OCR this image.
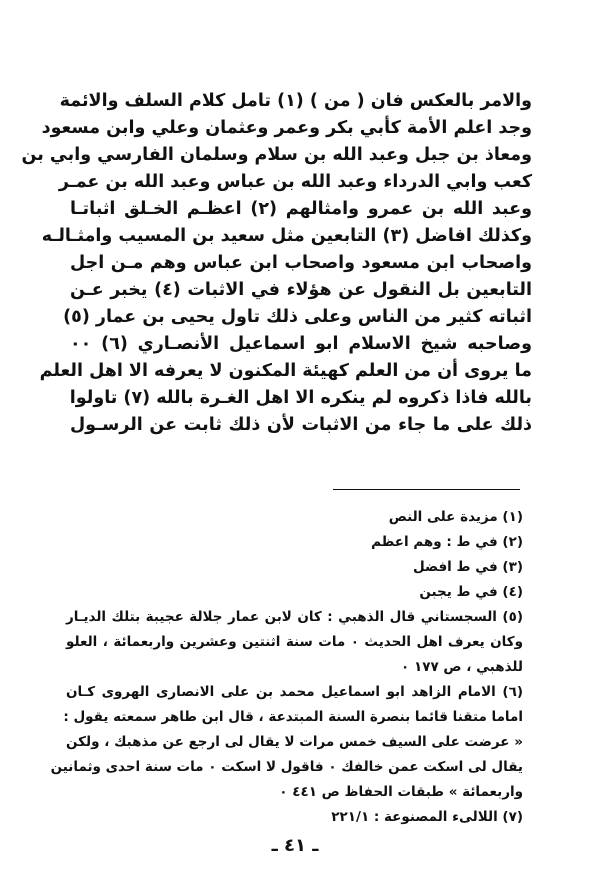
والامر بالعكس فان ( من ) (١) تامل كلام السلف والائمة
وجد اعلم الأمة كأبي بكر وعمر وعثمان وعلي وابن مسعود
ومعاذ بن جبل وعبد الله بن سلام وسلمان الفارسي وابي بن
كعب وابي الدرداء وعبد الله بن عباس وعبد الله بن عمـر
وعبد الله بن عمرو وامثالهم (٢) اعظـم الخـلق اثباتـا
وكذلك افاضل (٣) التابعين مثل سعيد بن المسيب وامثـالـه
واصحاب ابن مسعود واصحاب ابن عباس وهم مـن اجل
التابعين بل النقول عن هؤلاء في الاثبات (٤) يخبر عـن
اثباته كثير من الناس وعلى ذلك تاول يحيى بن عمار (٥)
وصاحبه شيخ الاسلام ابو اسماعيل الأنصـاري (٦) ٠٠
ما يروى أن من العلم كهيئة المكنون لا يعرفه الا اهل العلم
بالله فاذا ذكروه لم ينكره الا اهل الغـرة بالله (٧) تاولوا
ذلك على ما جاء من الاثبات لأن ذلك ثابت عن الرسـول
(١) مزيدة على النص
(٢) في ط : وهم اعظم
(٣) في ط افضل
(٤) في ط يجبن
(٥) السجستاني قال الذهبي : كان لابن عمار جلالة عجيبة بتلك الديـار
وكان يعرف اهل الحديث ٠ مات سنة اثنتين وعشرين واربعمائة ، العلو
للذهبي ، ص ١٧٧ ٠
(٦) الامام الزاهد ابو اسماعيل محمد بن على الانصارى الهروى كـان
اماما متقنا قائما بنصرة السنة المبتدعة ، قال ابن طاهر سمعته يقول :
« عرضت على السيف خمس مرات لا يقال لى ارجع عن مذهبك ، ولكن
يقال لى اسكت عمن خالفك ٠ فاقول لا اسكت ٠ مات سنة احدى وثمانين
واربعمائة » طبقات الحفاظ ص ٤٤١ ٠
(٧) اللالىء المصنوعة : ٢٢١/١
ـ ٤١ ـ
